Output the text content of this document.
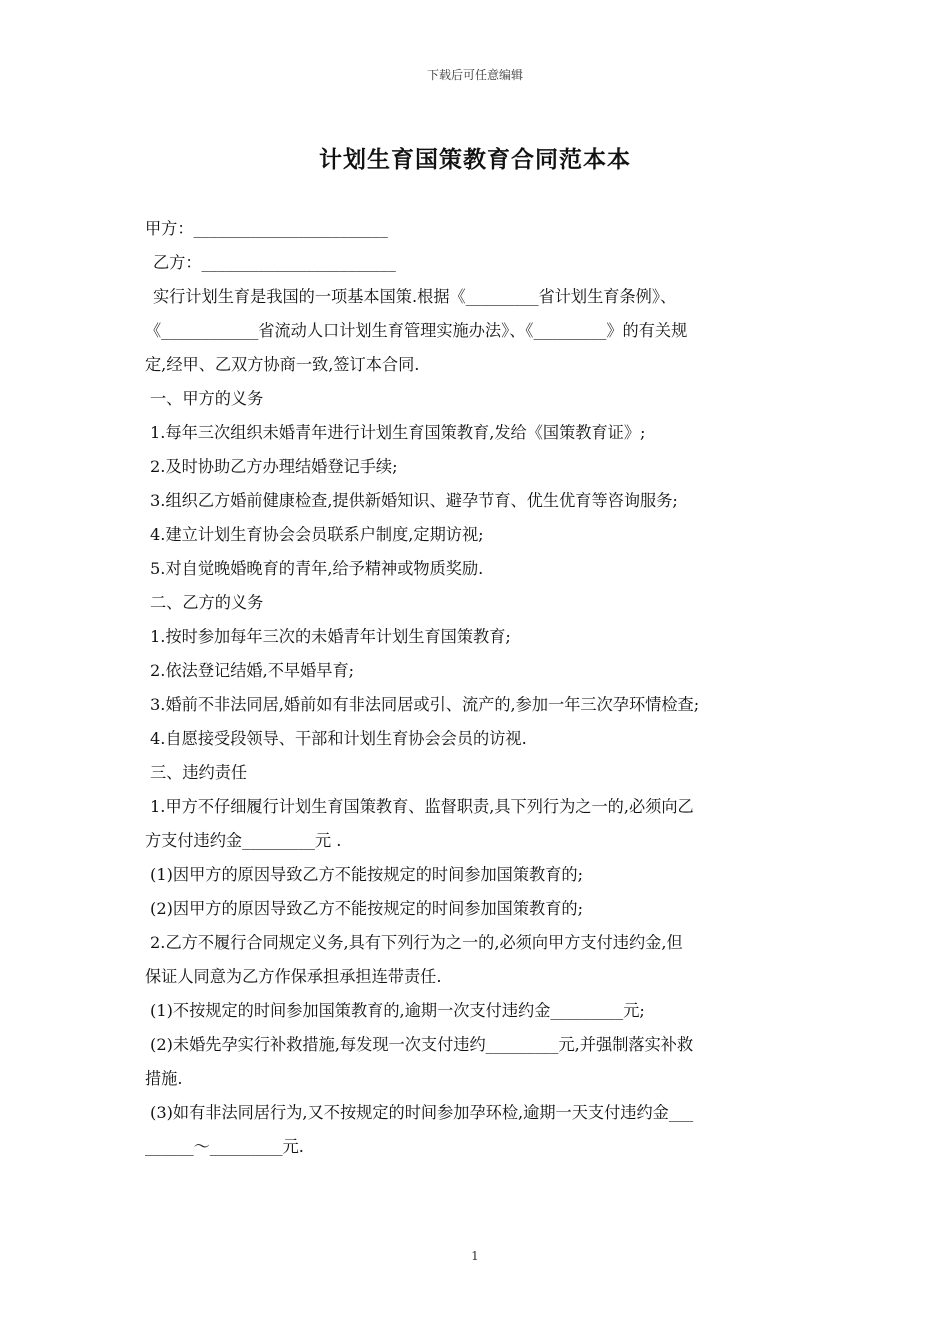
下载后可任意编辑
计划生育国策教育合同范本本
甲方：________________________
乙方：________________________
实行计划生育是我国的一项基本国策.根据《_________省计划生育条例》、
《____________省流动人口计划生育管理实施办法》、《_________》的有关规
定,经甲、乙双方协商一致,签订本合同.
一、甲方的义务
1.每年三次组织未婚青年进行计划生育国策教育,发给《国策教育证》;
2.及时协助乙方办理结婚登记手续;
3.组织乙方婚前健康检查,提供新婚知识、避孕节育、优生优育等咨询服务;
4.建立计划生育协会会员联系户制度,定期访视;
5.对自觉晚婚晚育的青年,给予精神或物质奖励.
二、乙方的义务
1.按时参加每年三次的未婚青年计划生育国策教育;
2.依法登记结婚,不早婚早育;
3.婚前不非法同居,婚前如有非法同居或引、流产的,参加一年三次孕环情检查;
4.自愿接受段领导、干部和计划生育协会会员的访视.
三、违约责任
1.甲方不仔细履行计划生育国策教育、监督职责,具下列行为之一的,必须向乙
方支付违约金_________元 .
(1)因甲方的原因导致乙方不能按规定的时间参加国策教育的;
(2)因甲方的原因导致乙方不能按规定的时间参加国策教育的;
2.乙方不履行合同规定义务,具有下列行为之一的,必须向甲方支付违约金,但
保证人同意为乙方作保承担承担连带责任.
(1)不按规定的时间参加国策教育的,逾期一次支付违约金_________元;
(2)未婚先孕实行补救措施,每发现一次支付违约_________元,并强制落实补救
措施.
(3)如有非法同居行为,又不按规定的时间参加孕环检,逾期一天支付违约金___
______～_________元.
1
